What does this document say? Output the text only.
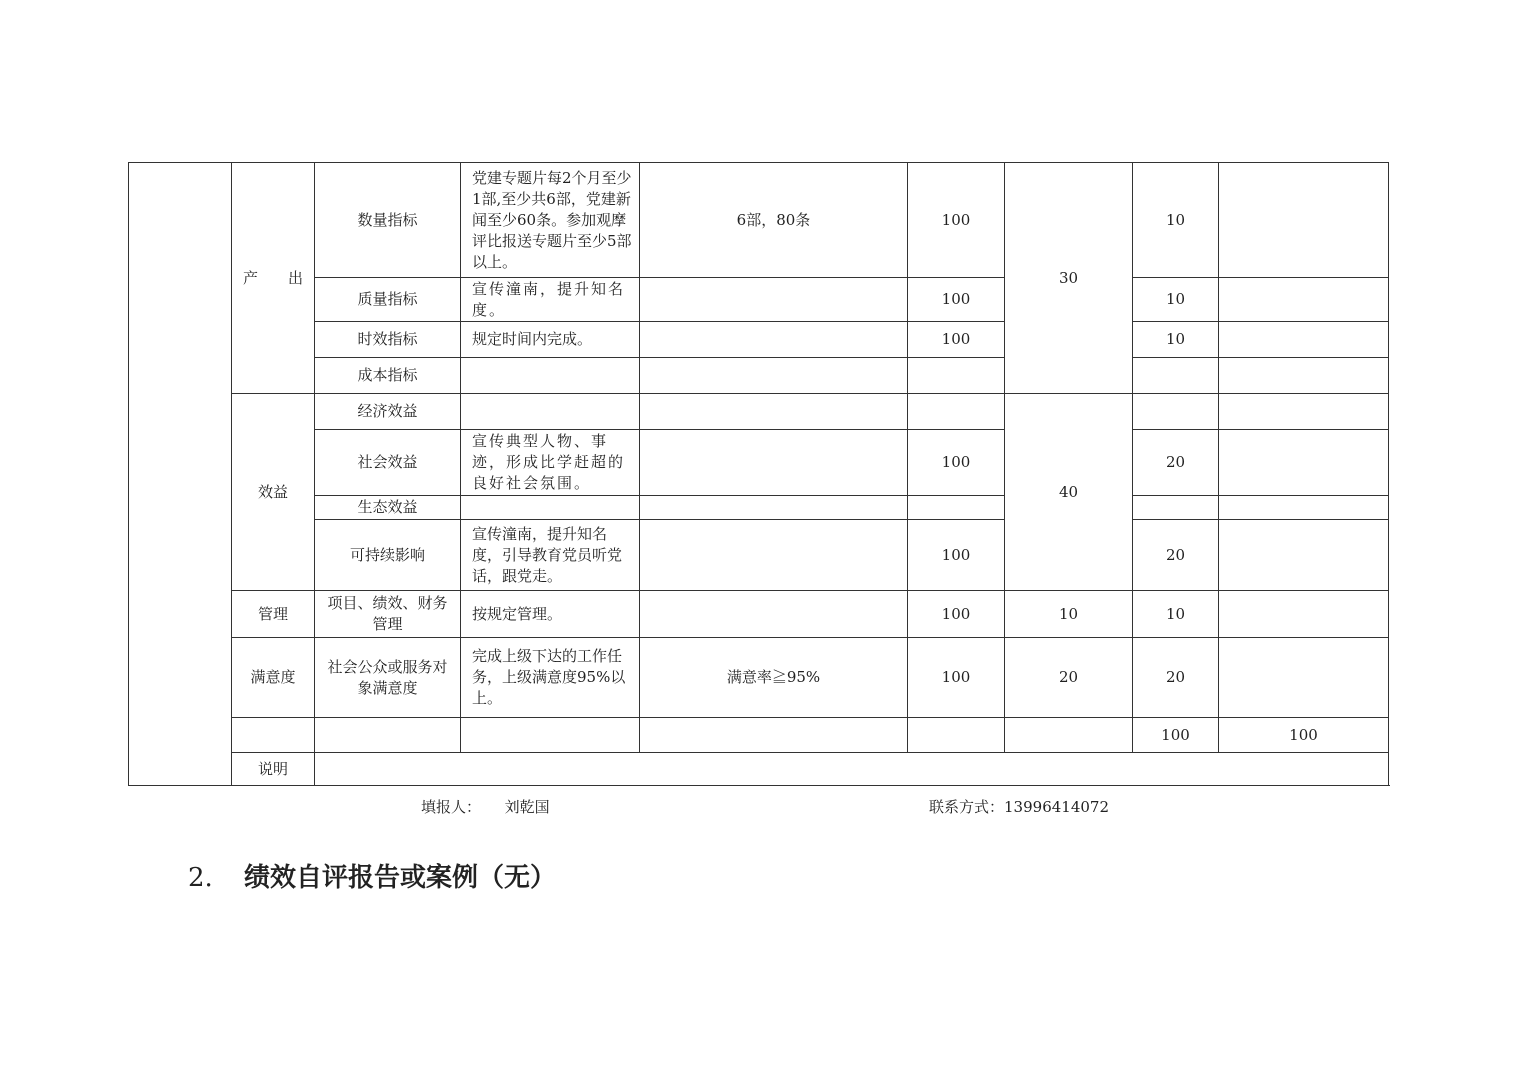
	产　　出	数量指标	党建专题片每2个月至少1部,至少共6部，党建新闻至少60条。参加观摩评比报送专题片至少5部以上。	6部，80条	100	30	10		
		质量指标	宣传潼南，提升知名度。		100		10		
		时效指标	规定时间内完成。		100		10		
		成本指标							
	效益	经济效益				40			
		社会效益	宣传典型人物、事迹，形成比学赶超的良好社会氛围。		100		20		
		生态效益							
		可持续影响	宣传潼南，提升知名度，引导教育党员听党话，跟党走。		100		20		
	管理	项目、绩效、财务管理	按规定管理。		100	10	10		
	满意度	社会公众或服务对象满意度	完成上级下达的工作任务，上级满意度95%以上。	满意率≧95%	100	20	20		
							100	100	
	说明								
填报人： 刘乾国	联系方式：13996414072
2. 绩效自评报告或案例（无）
